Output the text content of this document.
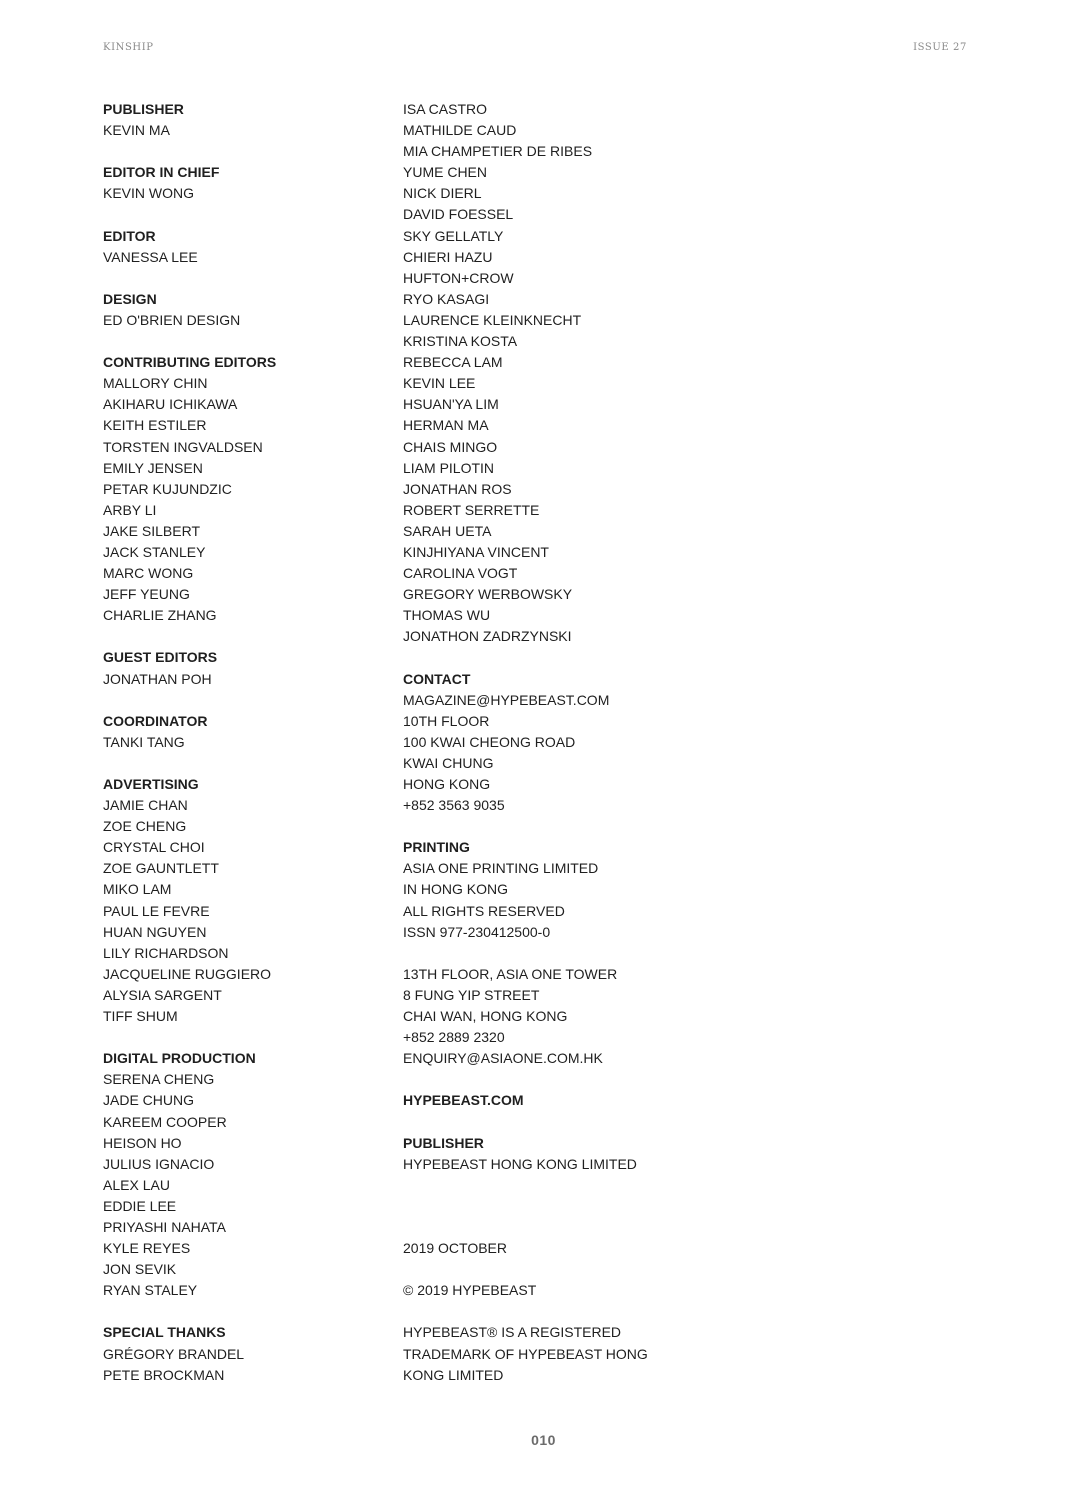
KINSHIP	ISSUE 27
PUBLISHER
KEVIN MA
EDITOR IN CHIEF
KEVIN WONG
EDITOR
VANESSA LEE
DESIGN
ED O'BRIEN DESIGN
CONTRIBUTING EDITORS
MALLORY CHIN
AKIHARU ICHIKAWA
KEITH ESTILER
TORSTEN INGVALDSEN
EMILY JENSEN
PETAR KUJUNDZIC
ARBY LI
JAKE SILBERT
JACK STANLEY
MARC WONG
JEFF YEUNG
CHARLIE ZHANG
GUEST EDITORS
JONATHAN POH
COORDINATOR
TANKI TANG
ADVERTISING
JAMIE CHAN
ZOE CHENG
CRYSTAL CHOI
ZOE GAUNTLETT
MIKO LAM
PAUL LE FEVRE
HUAN NGUYEN
LILY RICHARDSON
JACQUELINE RUGGIERO
ALYSIA SARGENT
TIFF SHUM
DIGITAL PRODUCTION
SERENA CHENG
JADE CHUNG
KAREEM COOPER
HEISON HO
JULIUS IGNACIO
ALEX LAU
EDDIE LEE
PRIYASHI NAHATA
KYLE REYES
JON SEVIK
RYAN STALEY
SPECIAL THANKS
GRÉGORY BRANDEL
PETE BROCKMAN
ISA CASTRO
MATHILDE CAUD
MIA CHAMPETIER DE RIBES
YUME CHEN
NICK DIERL
DAVID FOESSEL
SKY GELLATLY
CHIERI HAZU
HUFTON+CROW
RYO KASAGI
LAURENCE KLEINKNECHT
KRISTINA KOSTA
REBECCA LAM
KEVIN LEE
HSUAN'YA LIM
HERMAN MA
CHAIS MINGO
LIAM PILOTIN
JONATHAN ROS
ROBERT SERRETTE
SARAH UETA
KINJHIYANA VINCENT
CAROLINA VOGT
GREGORY WERBOWSKY
THOMAS WU
JONATHON ZADRZYNSKI
CONTACT
MAGAZINE@HYPEBEAST.COM
10TH FLOOR
100 KWAI CHEONG ROAD
KWAI CHUNG
HONG KONG
+852 3563 9035
PRINTING
ASIA ONE PRINTING LIMITED
IN HONG KONG
ALL RIGHTS RESERVED
ISSN 977-230412500-0
13TH FLOOR, ASIA ONE TOWER
8 FUNG YIP STREET
CHAI WAN, HONG KONG
+852 2889 2320
ENQUIRY@ASIAONE.COM.HK
HYPEBEAST.COM
PUBLISHER
HYPEBEAST HONG KONG LIMITED
2019 OCTOBER
© 2019 HYPEBEAST
HYPEBEAST® IS A REGISTERED
TRADEMARK OF HYPEBEAST HONG
KONG LIMITED
010
